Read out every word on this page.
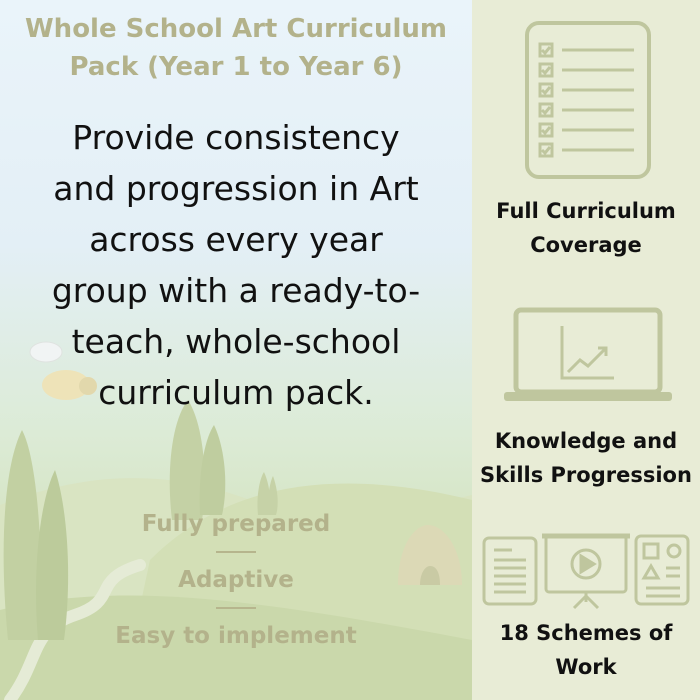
Whole School Art Curriculum
Pack (Year 1 to Year 6)

Provide consistency
and progression in Art
across every year
group with a ready-to-
teach, whole-school
curriculum pack.

Fully prepared
Adaptive
Easy to implement

Full Curriculum
Coverage

Knowledge and
Skills Progression

18 Schemes of
Work
